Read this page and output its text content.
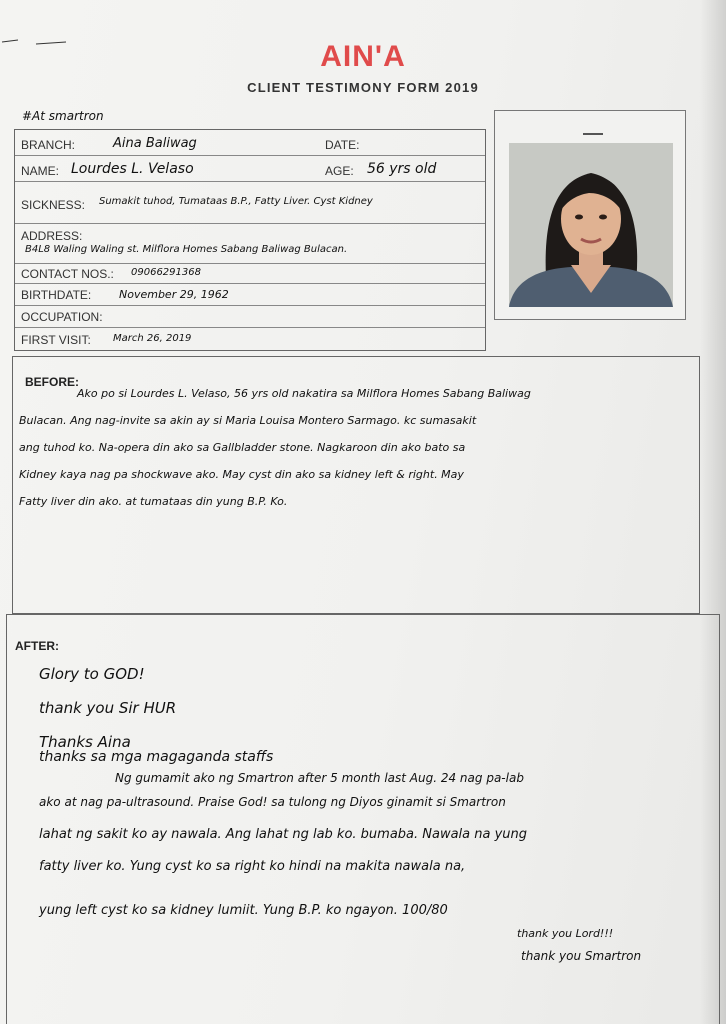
AIN'A
CLIENT TESTIMONY FORM 2019
#At smartron
BRANCH:	Aina Baliwag	DATE:
NAME: Lourdes L. Velaso	AGE: 56 yrs old
SICKNESS: Sumakit tuhod, Tumataas B.P., Fatty Liver. Cyst Kidney
ADDRESS:
B4L8 Waling Waling st. Milflora Homes Sabang Baliwag Bulacan.
CONTACT NOS.: 09066291368
BIRTHDATE:	November 29, 1962
OCCUPATION:
FIRST VISIT: March 26, 2019
BEFORE:
Ako po si Lourdes L. Velaso, 56 yrs old nakatira sa Milflora Homes Sabang Baliwag
Bulacan. Ang nag-invite sa akin ay si Maria Louisa Montero Sarmago. kc sumasakit
ang tuhod ko. Na-opera din ako sa Gallbladder stone. Nagkaroon din ako bato sa
Kidney kaya nag pa shockwave ako. May cyst din ako sa kidney left & right. May
Fatty liver din ako. at tumataas din yung B.P. Ko.
AFTER:
Glory to GOD!
thank you Sir HUR
Thanks Aina
thanks sa mga magaganda staffs
Ng gumamit ako ng Smartron after 5 month last Aug. 24 nag pa-lab
ako at nag pa-ultrasound. Praise God! sa tulong ng Diyos ginamit si Smartron
lahat ng sakit ko ay nawala. Ang lahat ng lab ko. bumaba. Nawala na yung
fatty liver ko. Yung cyst ko sa right ko hindi na makita nawala na,
yung left cyst ko sa kidney lumiit. Yung B.P. ko ngayon. 100/80
thank you Lord!!!
thank you Smartron
